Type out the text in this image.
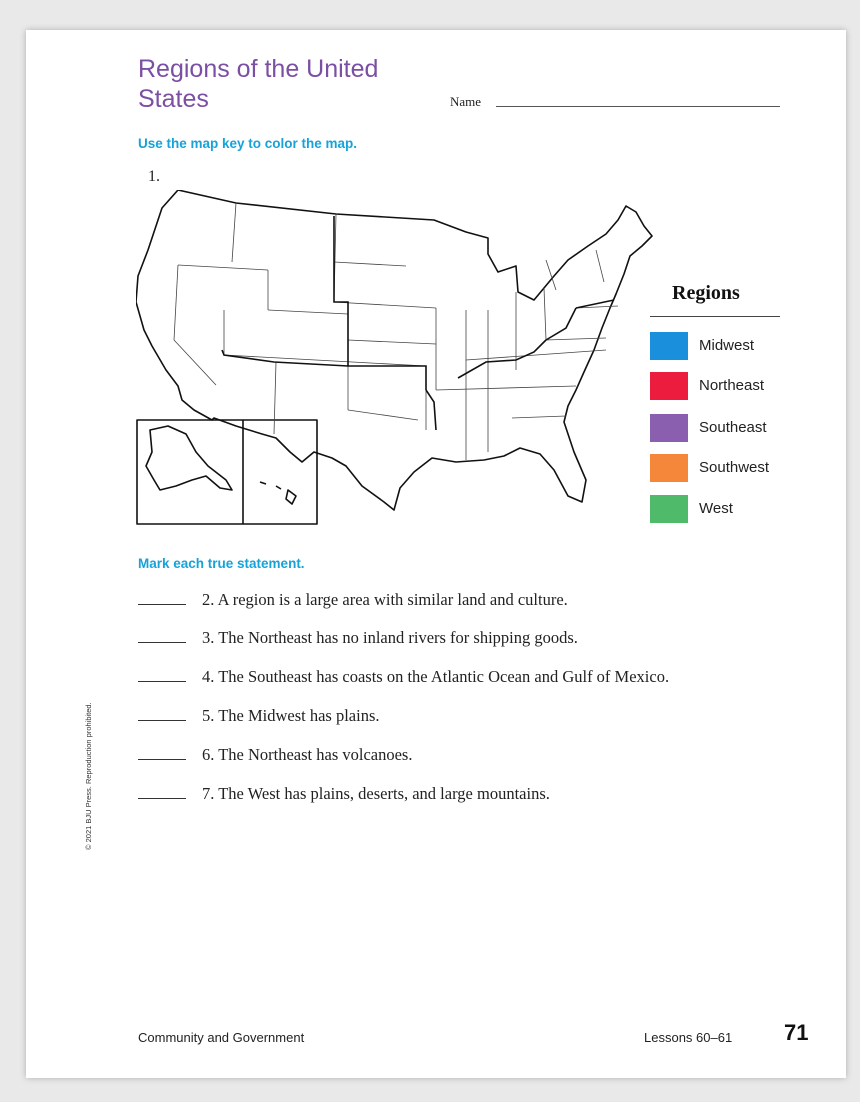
Regions of the United States	Name
Use the map key to color the map.
1.
Regions
Midwest
Northeast
Southeast
Southwest
West
Mark each true statement.
2. A region is a large area with similar land and culture.
3. The Northeast has no inland rivers for shipping goods.
4. The Southeast has coasts on the Atlantic Ocean and Gulf of Mexico.
5. The Midwest has plains.
6. The Northeast has volcanoes.
7. The West has plains, deserts, and large mountains.
© 2021 BJU Press. Reproduction prohibited.
Community and Government	Lessons 60–61 71
